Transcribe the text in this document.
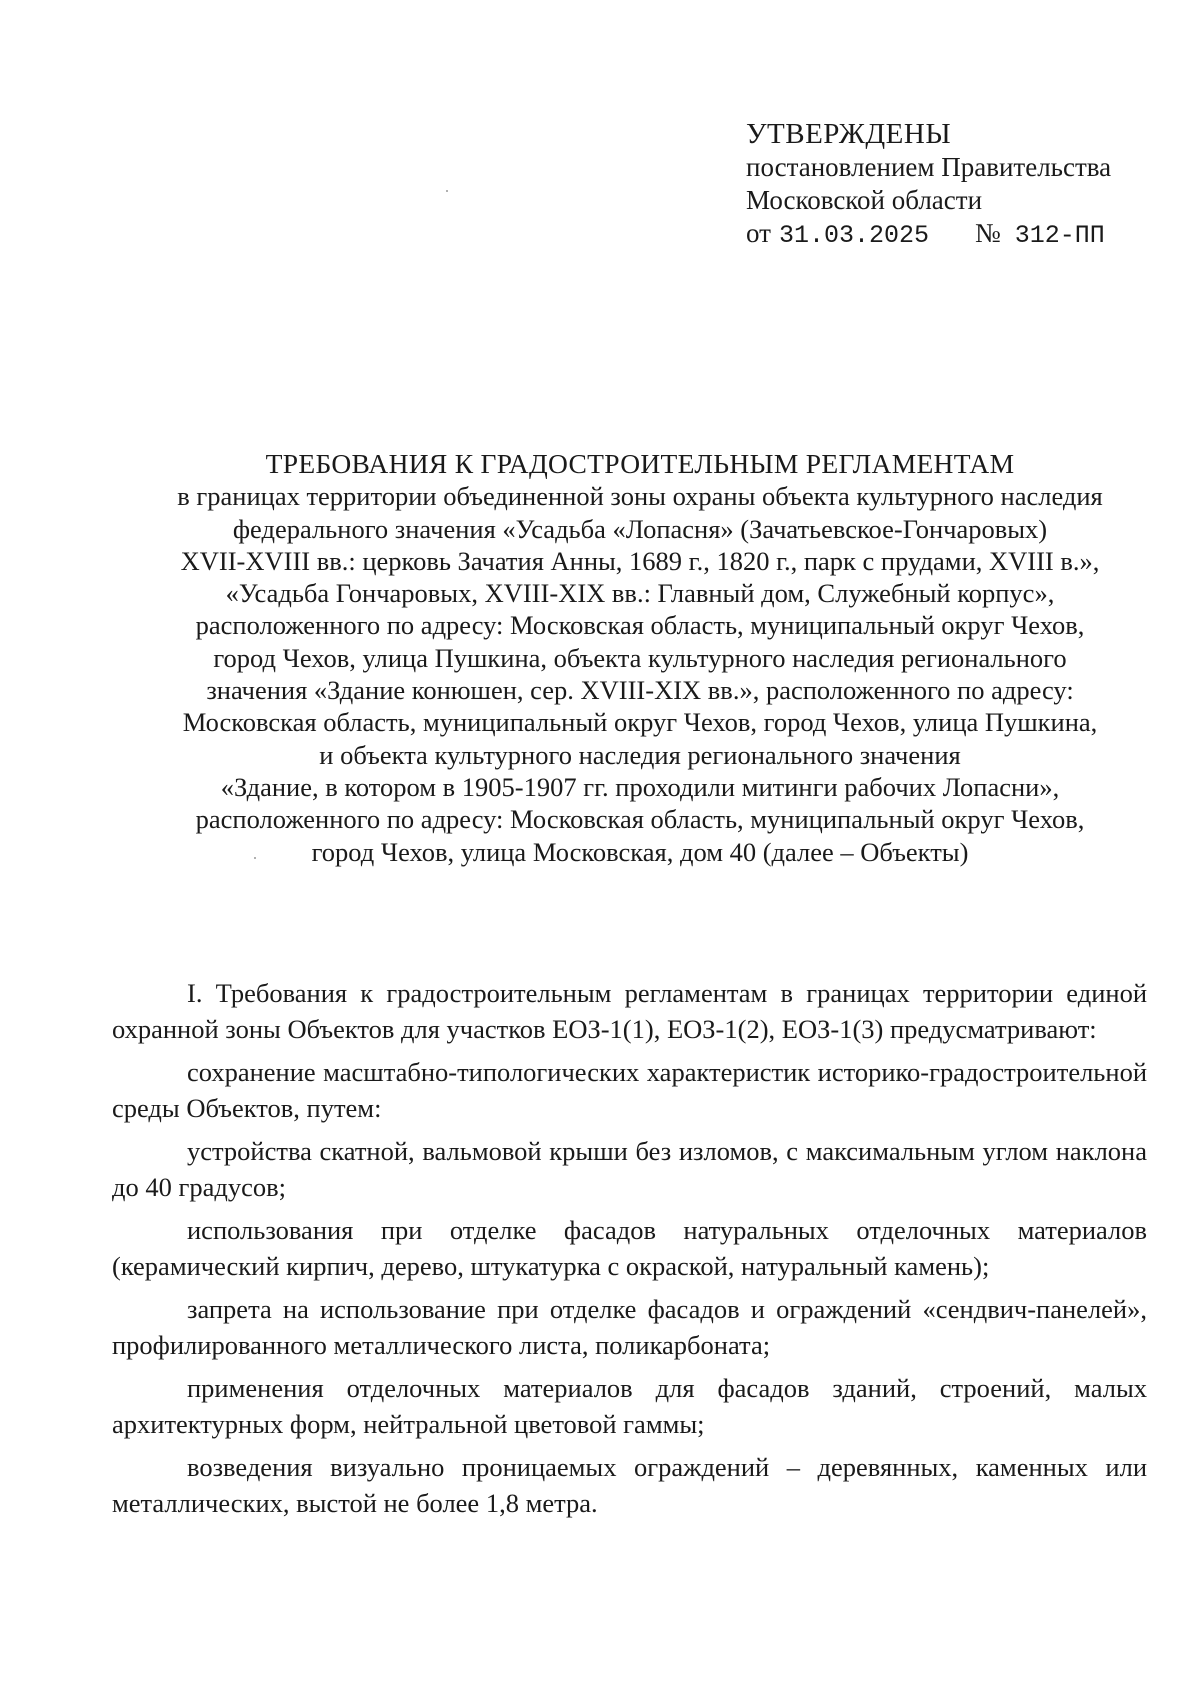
УТВЕРЖДЕНЫ
постановлением Правительства
Московской области
от 31.03.2025	№ 312-ПП
ТРЕБОВАНИЯ К ГРАДОСТРОИТЕЛЬНЫМ РЕГЛАМЕНТАМ
в границах территории объединенной зоны охраны объекта культурного наследия
федерального значения «Усадьба «Лопасня» (Зачатьевское-Гончаровых)
XVII-XVIII вв.: церковь Зачатия Анны, 1689 г., 1820 г., парк с прудами, XVIII в.»,
«Усадьба Гончаровых, XVIII-XIX вв.: Главный дом, Служебный корпус»,
расположенного по адресу: Московская область, муниципальный округ Чехов,
город Чехов, улица Пушкина, объекта культурного наследия регионального
значения «Здание конюшен, сер. XVIII-XIX вв.», расположенного по адресу:
Московская область, муниципальный округ Чехов, город Чехов, улица Пушкина,
и объекта культурного наследия регионального значения
«Здание, в котором в 1905-1907 гг. проходили митинги рабочих Лопасни»,
расположенного по адресу: Московская область, муниципальный округ Чехов,
город Чехов, улица Московская, дом 40 (далее – Объекты)

I. Требования к градостроительным регламентам в границах территории единой охранной зоны Объектов для участков ЕОЗ-1(1), ЕОЗ-1(2), ЕОЗ-1(3) предусматривают:

сохранение масштабно-типологических характеристик историко-градостроительной среды Объектов, путем:

устройства скатной, вальмовой крыши без изломов, с максимальным углом наклона до 40 градусов;

использования при отделке фасадов натуральных отделочных материалов (керамический кирпич, дерево, штукатурка с окраской, натуральный камень);

запрета на использование при отделке фасадов и ограждений «сендвич-панелей», профилированного металлического листа, поликарбоната;

применения отделочных материалов для фасадов зданий, строений, малых архитектурных форм, нейтральной цветовой гаммы;

возведения визуально проницаемых ограждений – деревянных, каменных или металлических, выстой не более 1,8 метра.
